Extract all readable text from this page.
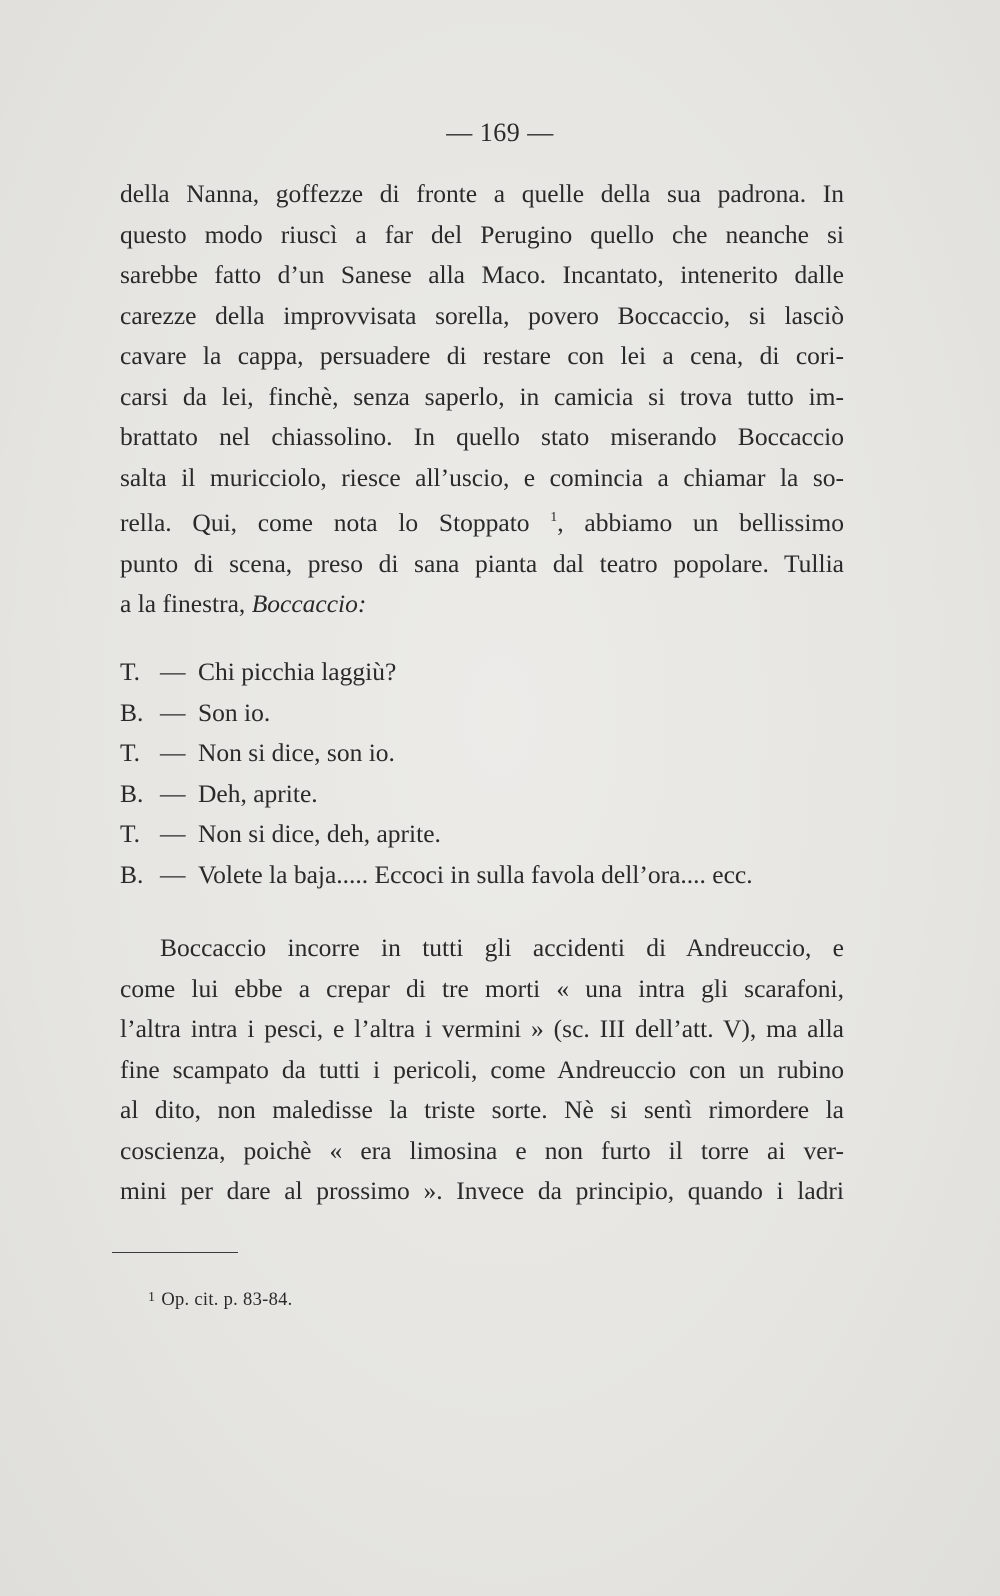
— 169 —
della Nanna, goffezze di fronte a quelle della sua padrona. In
questo modo riuscì a far del Perugino quello che neanche si
sarebbe fatto d’un Sanese alla Maco. Incantato, intenerito dalle
carezze della improvvisata sorella, povero Boccaccio, si lasciò
cavare la cappa, persuadere di restare con lei a cena, di cori-
carsi da lei, finchè, senza saperlo, in camicia si trova tutto im-
brattato nel chiassolino. In quello stato miserando Boccaccio
salta il muricciolo, riesce all’uscio, e comincia a chiamar la so-
rella. Qui, come nota lo Stoppato $^1$, abbiamo un bellissimo
punto di scena, preso di sana pianta dal teatro popolare. Tullia
a la finestra, Boccaccio:
T. — Chi picchia laggiù?
B. — Son io.
T. — Non si dice, son io.
B. — Deh, aprite.
T. — Non si dice, deh, aprite.
B. — Volete la baja..... Eccoci in sulla favola dell’ora.... ecc.
Boccaccio incorre in tutti gli accidenti di Andreuccio, e
come lui ebbe a crepar di tre morti « una intra gli scarafoni,
l’altra intra i pesci, e l’altra i vermini » (sc. III dell’att. V), ma alla
fine scampato da tutti i pericoli, come Andreuccio con un rubino
al dito, non maledisse la triste sorte. Nè si sentì rimordere la
coscienza, poichè « era limosina e non furto il torre ai ver-
mini per dare al prossimo ». Invece da principio, quando i ladri
$^1$ Op. cit. p. 83-84.
